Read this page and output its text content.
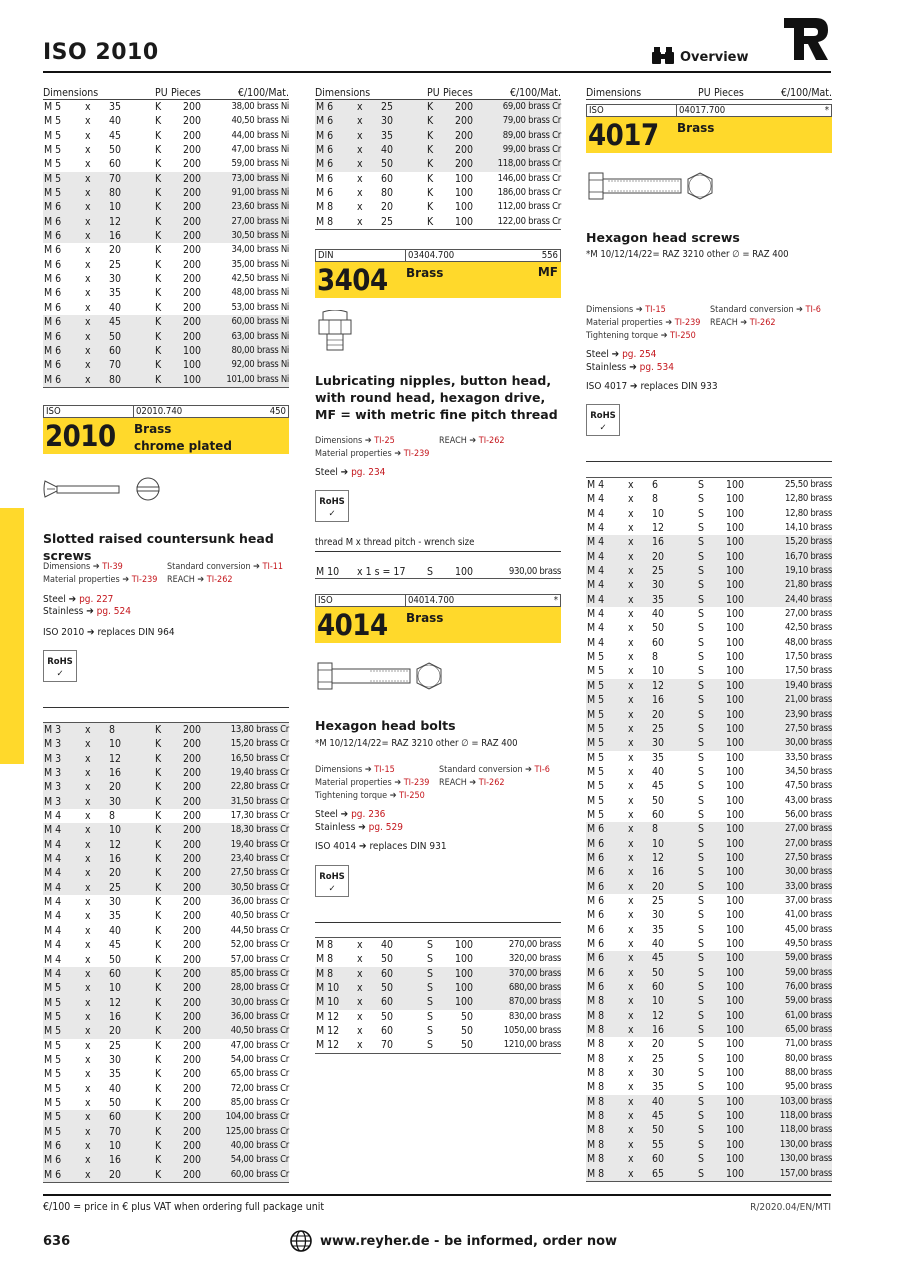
ISO 2010	Overview
Dimensions	PU Pieces	€/100/Mat.
M 5	x	35	K	200	38,00 brass Ni
M 5	x	40	K	200	40,50 brass Ni
M 5	x	45	K	200	44,00 brass Ni
M 5	x	50	K	200	47,00 brass Ni
M 5	x	60	K	200	59,00 brass Ni
M 5	x	70	K	200	73,00 brass Ni
M 5	x	80	K	200	91,00 brass Ni
M 6	x	10	K	200	23,60 brass Ni
M 6	x	12	K	200	27,00 brass Ni
M 6	x	16	K	200	30,50 brass Ni
M 6	x	20	K	200	34,00 brass Ni
M 6	x	25	K	200	35,00 brass Ni
M 6	x	30	K	200	42,50 brass Ni
M 6	x	35	K	200	48,00 brass Ni
M 6	x	40	K	200	53,00 brass Ni
M 6	x	45	K	200	60,00 brass Ni
M 6	x	50	K	200	63,00 brass Ni
M 6	x	60	K	100	80,00 brass Ni
M 6	x	70	K	100	92,00 brass Ni
M 6	x	80	K	100	101,00 brass Ni
ISO	02010.740	450
2010 Brass
chrome plated
Slotted raised countersunk head screws
Dimensions ➔ TI-39	Standard conversion ➔ TI-11
Material properties ➔ TI-239	REACH ➔ TI-262
Steel ➔ pg. 227
Stainless ➔ pg. 524
ISO 2010 ➔ replaces DIN 964
RoHS
✓
M 3	x	8	K	200	13,80 brass Cr
M 3	x	10	K	200	15,20 brass Cr
M 3	x	12	K	200	16,50 brass Cr
M 3	x	16	K	200	19,40 brass Cr
M 3	x	20	K	200	22,80 brass Cr
M 3	x	30	K	200	31,50 brass Cr
M 4	x	8	K	200	17,30 brass Cr
M 4	x	10	K	200	18,30 brass Cr
M 4	x	12	K	200	19,40 brass Cr
M 4	x	16	K	200	23,40 brass Cr
M 4	x	20	K	200	27,50 brass Cr
M 4	x	25	K	200	30,50 brass Cr
M 4	x	30	K	200	36,00 brass Cr
M 4	x	35	K	200	40,50 brass Cr
M 4	x	40	K	200	44,50 brass Cr
M 4	x	45	K	200	52,00 brass Cr
M 4	x	50	K	200	57,00 brass Cr
M 4	x	60	K	200	85,00 brass Cr
M 5	x	10	K	200	28,00 brass Cr
M 5	x	12	K	200	30,00 brass Cr
M 5	x	16	K	200	36,00 brass Cr
M 5	x	20	K	200	40,50 brass Cr
M 5	x	25	K	200	47,00 brass Cr
M 5	x	30	K	200	54,00 brass Cr
M 5	x	35	K	200	65,00 brass Cr
M 5	x	40	K	200	72,00 brass Cr
M 5	x	50	K	200	85,00 brass Cr
M 5	x	60	K	200	104,00 brass Cr
M 5	x	70	K	200	125,00 brass Cr
M 6	x	10	K	200	40,00 brass Cr
M 6	x	16	K	200	54,00 brass Cr
M 6	x	20	K	200	60,00 brass Cr
Dimensions	PU Pieces	€/100/Mat.
M 6	x	25	K	200	69,00 brass Cr
M 6	x	30	K	200	79,00 brass Cr
M 6	x	35	K	200	89,00 brass Cr
M 6	x	40	K	200	99,00 brass Cr
M 6	x	50	K	200	118,00 brass Cr
M 6	x	60	K	100	146,00 brass Cr
M 6	x	80	K	100	186,00 brass Cr
M 8	x	20	K	100	112,00 brass Cr
M 8	x	25	K	100	122,00 brass Cr
DIN	03404.700	556
3404 Brass	MF
Lubricating nipples, button head, with round head, hexagon drive, MF = with metric fine pitch thread
Dimensions ➔ TI-25	REACH ➔ TI-262
Material properties ➔ TI-239
Steel ➔ pg. 234
RoHS
✓
thread M x thread pitch - wrench size
M 10	x 1 s = 17	S	100	930,00 brass
ISO	04014.700	*
4014 Brass
Hexagon head bolts
*M 10/12/14/22= RAZ 3210 other ∅ = RAZ 400
Dimensions ➔ TI-15	Standard conversion ➔ TI-6
Material properties ➔ TI-239	REACH ➔ TI-262
Tightening torque ➔ TI-250
Steel ➔ pg. 236
Stainless ➔ pg. 529
ISO 4014 ➔ replaces DIN 931
RoHS
✓
M 8	x	40	S	100	270,00 brass
M 8	x	50	S	100	320,00 brass
M 8	x	60	S	100	370,00 brass
M 10	x	50	S	100	680,00 brass
M 10	x	60	S	100	870,00 brass
M 12	x	50	S	50	830,00 brass
M 12	x	60	S	50	1050,00 brass
M 12	x	70	S	50	1210,00 brass
Dimensions	PU Pieces	€/100/Mat.
ISO	04017.700	*
4017 Brass
Hexagon head screws
*M 10/12/14/22= RAZ 3210 other ∅ = RAZ 400
Dimensions ➔ TI-15	Standard conversion ➔ TI-6
Material properties ➔ TI-239	REACH ➔ TI-262
Tightening torque ➔ TI-250
Steel ➔ pg. 254
Stainless ➔ pg. 534
ISO 4017 ➔ replaces DIN 933
RoHS
✓
M 4	x	6	S	100	25,50 brass
M 4	x	8	S	100	12,80 brass
M 4	x	10	S	100	12,80 brass
M 4	x	12	S	100	14,10 brass
M 4	x	16	S	100	15,20 brass
M 4	x	20	S	100	16,70 brass
M 4	x	25	S	100	19,10 brass
M 4	x	30	S	100	21,80 brass
M 4	x	35	S	100	24,40 brass
M 4	x	40	S	100	27,00 brass
M 4	x	50	S	100	42,50 brass
M 4	x	60	S	100	48,00 brass
M 5	x	8	S	100	17,50 brass
M 5	x	10	S	100	17,50 brass
M 5	x	12	S	100	19,40 brass
M 5	x	16	S	100	21,00 brass
M 5	x	20	S	100	23,90 brass
M 5	x	25	S	100	27,50 brass
M 5	x	30	S	100	30,00 brass
M 5	x	35	S	100	33,50 brass
M 5	x	40	S	100	34,50 brass
M 5	x	45	S	100	47,50 brass
M 5	x	50	S	100	43,00 brass
M 5	x	60	S	100	56,00 brass
M 6	x	8	S	100	27,00 brass
M 6	x	10	S	100	27,00 brass
M 6	x	12	S	100	27,50 brass
M 6	x	16	S	100	30,00 brass
M 6	x	20	S	100	33,00 brass
M 6	x	25	S	100	37,00 brass
M 6	x	30	S	100	41,00 brass
M 6	x	35	S	100	45,00 brass
M 6	x	40	S	100	49,50 brass
M 6	x	45	S	100	59,00 brass
M 6	x	50	S	100	59,00 brass
M 6	x	60	S	100	76,00 brass
M 8	x	10	S	100	59,00 brass
M 8	x	12	S	100	61,00 brass
M 8	x	16	S	100	65,00 brass
M 8	x	20	S	100	71,00 brass
M 8	x	25	S	100	80,00 brass
M 8	x	30	S	100	88,00 brass
M 8	x	35	S	100	95,00 brass
M 8	x	40	S	100	103,00 brass
M 8	x	45	S	100	118,00 brass
M 8	x	50	S	100	118,00 brass
M 8	x	55	S	100	130,00 brass
M 8	x	60	S	100	130,00 brass
M 8	x	65	S	100	157,00 brass
€/100 = price in € plus VAT when ordering full package unit	R/2020.04/EN/MTI
636	www.reyher.de - be informed, order now
